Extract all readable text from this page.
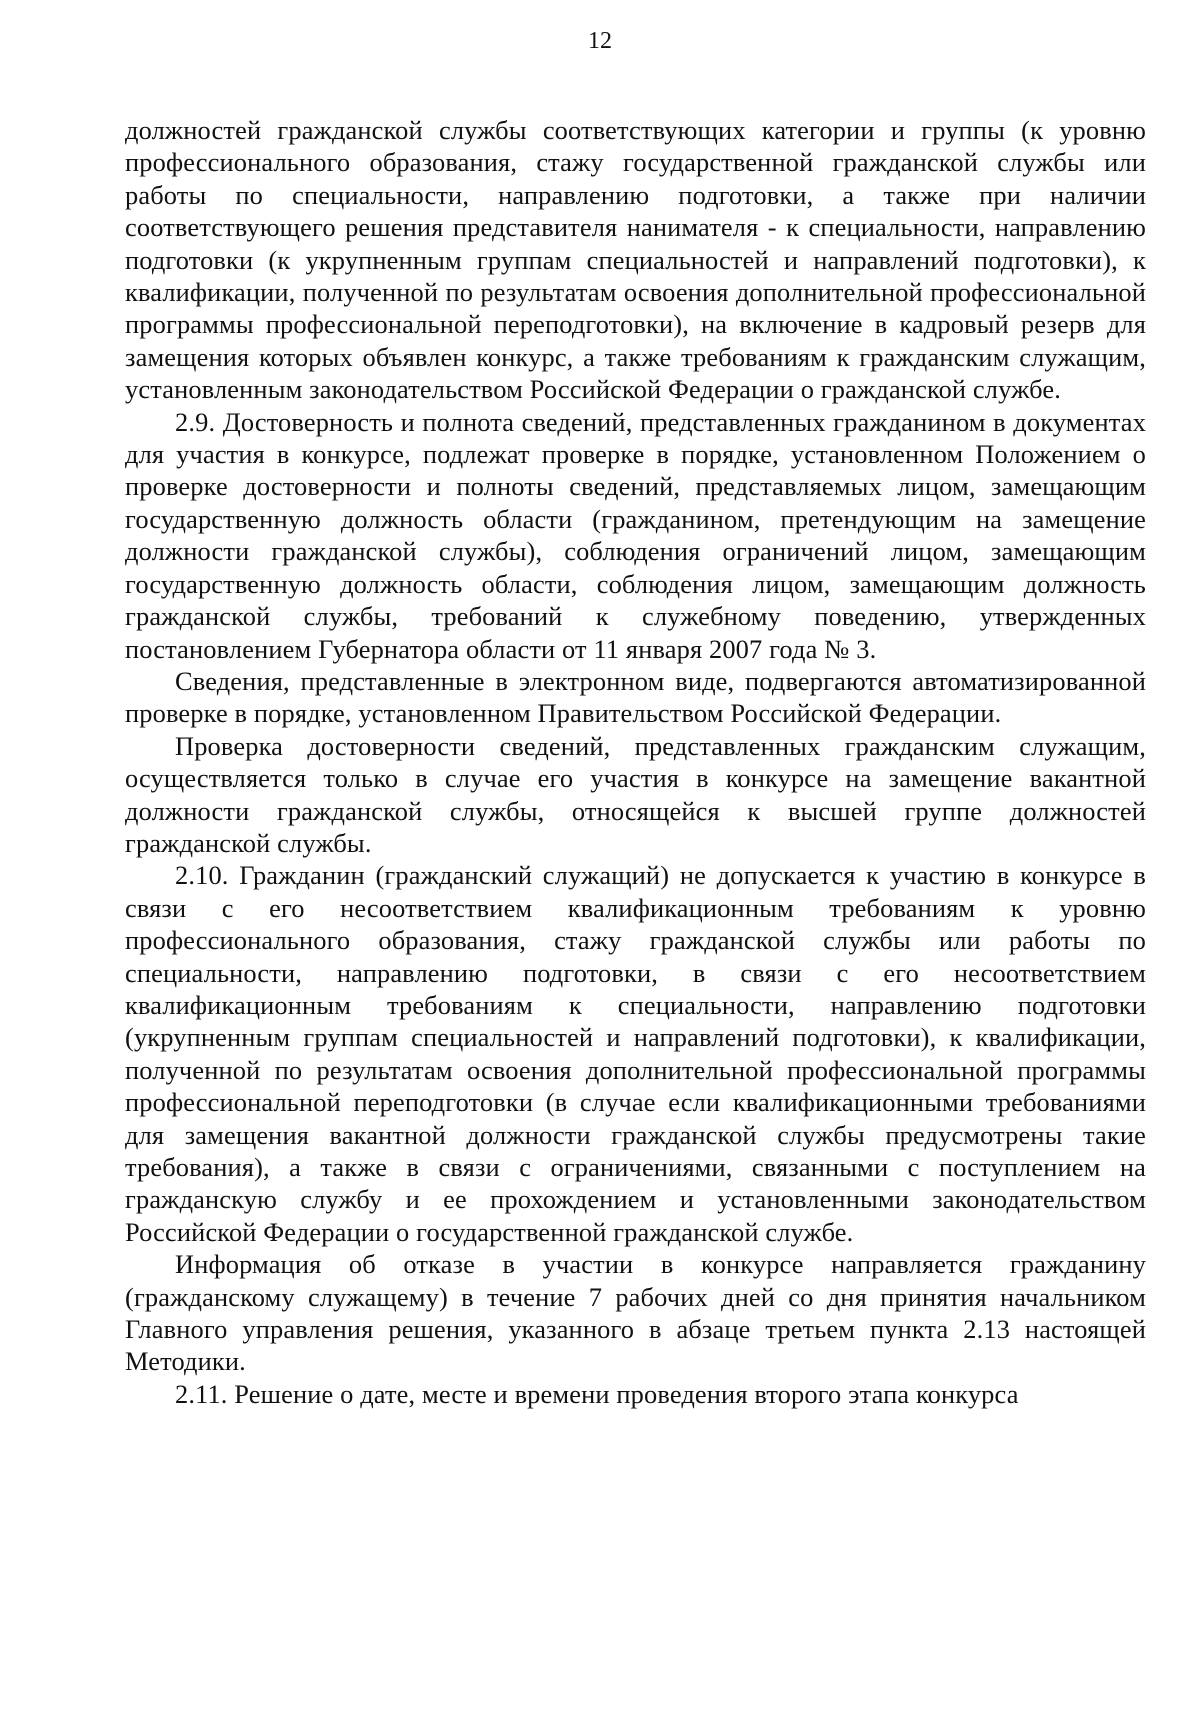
12

должностей гражданской службы соответствующих категории и группы (к уровню профессионального образования, стажу государственной гражданской службы или работы по специальности, направлению подготовки, а также при наличии соответствующего решения представителя нанимателя - к специальности, направлению подготовки (к укрупненным группам специальностей и направлений подготовки), к квалификации, полученной по результатам освоения дополнительной профессиональной программы профессиональной переподготовки), на включение в кадровый резерв для замещения которых объявлен конкурс, а также требованиям к гражданским служащим, установленным законодательством Российской Федерации о гражданской службе.

2.9. Достоверность и полнота сведений, представленных гражданином в документах для участия в конкурсе, подлежат проверке в порядке, установленном Положением о проверке достоверности и полноты сведений, представляемых лицом, замещающим государственную должность области (гражданином, претендующим на замещение должности гражданской службы), соблюдения ограничений лицом, замещающим государственную должность области, соблюдения лицом, замещающим должность гражданской службы, требований к служебному поведению, утвержденных постановлением Губернатора области от 11 января 2007 года № 3.

Сведения, представленные в электронном виде, подвергаются автоматизированной проверке в порядке, установленном Правительством Российской Федерации.

Проверка достоверности сведений, представленных гражданским служащим, осуществляется только в случае его участия в конкурсе на замещение вакантной должности гражданской службы, относящейся к высшей группе должностей гражданской службы.

2.10. Гражданин (гражданский служащий) не допускается к участию в конкурсе в связи с его несоответствием квалификационным требованиям к уровню профессионального образования, стажу гражданской службы или работы по специальности, направлению подготовки, в связи с его несоответствием квалификационным требованиям к специальности, направлению подготовки (укрупненным группам специальностей и направлений подготовки), к квалификации, полученной по результатам освоения дополнительной профессиональной программы профессиональной переподготовки (в случае если квалификационными требованиями для замещения вакантной должности гражданской службы предусмотрены такие требования), а также в связи с ограничениями, связанными с поступлением на гражданскую службу и ее прохождением и установленными законодательством Российской Федерации о государственной гражданской службе.

Информация об отказе в участии в конкурсе направляется гражданину (гражданскому служащему) в течение 7 рабочих дней со дня принятия начальником Главного управления решения, указанного в абзаце третьем пункта 2.13 настоящей Методики.

2.11. Решение о дате, месте и времени проведения второго этапа конкурса
